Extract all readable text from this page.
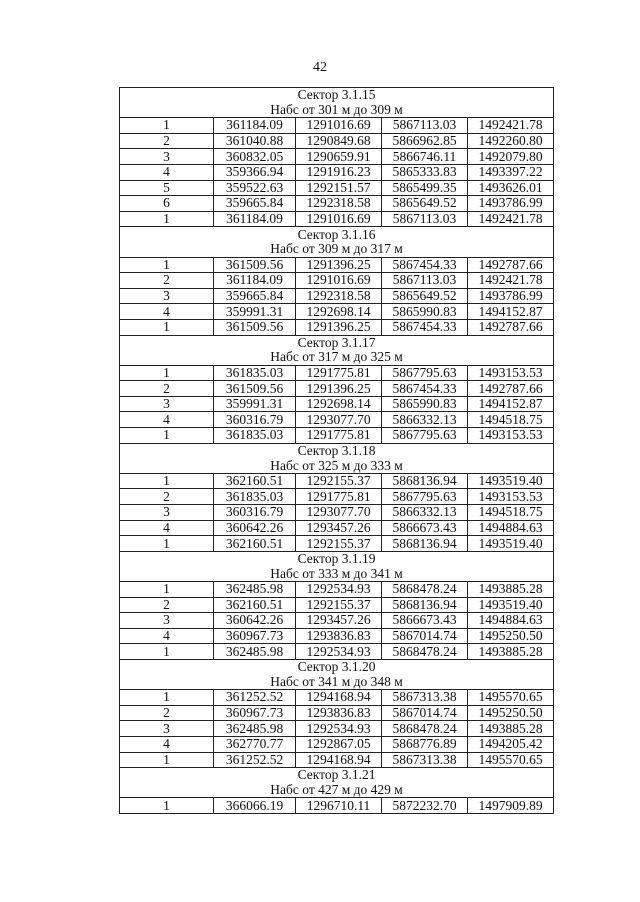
42
Сектор 3.1.15				
Набс от 301 м до 309 м				
1	361184.09	1291016.69	5867113.03	1492421.78
2	361040.88	1290849.68	5866962.85	1492260.80
3	360832.05	1290659.91	5866746.11	1492079.80
4	359366.94	1291916.23	5865333.83	1493397.22
5	359522.63	1292151.57	5865499.35	1493626.01
6	359665.84	1292318.58	5865649.52	1493786.99
1	361184.09	1291016.69	5867113.03	1492421.78
Сектор 3.1.16				
Набс от 309 м до 317 м				
1	361509.56	1291396.25	5867454.33	1492787.66
2	361184.09	1291016.69	5867113.03	1492421.78
3	359665.84	1292318.58	5865649.52	1493786.99
4	359991.31	1292698.14	5865990.83	1494152.87
1	361509.56	1291396.25	5867454.33	1492787.66
Сектор 3.1.17				
Набс от 317 м до 325 м				
1	361835.03	1291775.81	5867795.63	1493153.53
2	361509.56	1291396.25	5867454.33	1492787.66
3	359991.31	1292698.14	5865990.83	1494152.87
4	360316.79	1293077.70	5866332.13	1494518.75
1	361835.03	1291775.81	5867795.63	1493153.53
Сектор 3.1.18				
Набс от 325 м до 333 м				
1	362160.51	1292155.37	5868136.94	1493519.40
2	361835.03	1291775.81	5867795.63	1493153.53
3	360316.79	1293077.70	5866332.13	1494518.75
4	360642.26	1293457.26	5866673.43	1494884.63
1	362160.51	1292155.37	5868136.94	1493519.40
Сектор 3.1.19				
Набс от 333 м до 341 м				
1	362485.98	1292534.93	5868478.24	1493885.28
2	362160.51	1292155.37	5868136.94	1493519.40
3	360642.26	1293457.26	5866673.43	1494884.63
4	360967.73	1293836.83	5867014.74	1495250.50
1	362485.98	1292534.93	5868478.24	1493885.28
Сектор 3.1.20				
Набс от 341 м до 348 м				
1	361252.52	1294168.94	5867313.38	1495570.65
2	360967.73	1293836.83	5867014.74	1495250.50
3	362485.98	1292534.93	5868478.24	1493885.28
4	362770.77	1292867.05	5868776.89	1494205.42
1	361252.52	1294168.94	5867313.38	1495570.65
Сектор 3.1.21				
Набс от 427 м до 429 м				
1	366066.19	1296710.11	5872232.70	1497909.89
